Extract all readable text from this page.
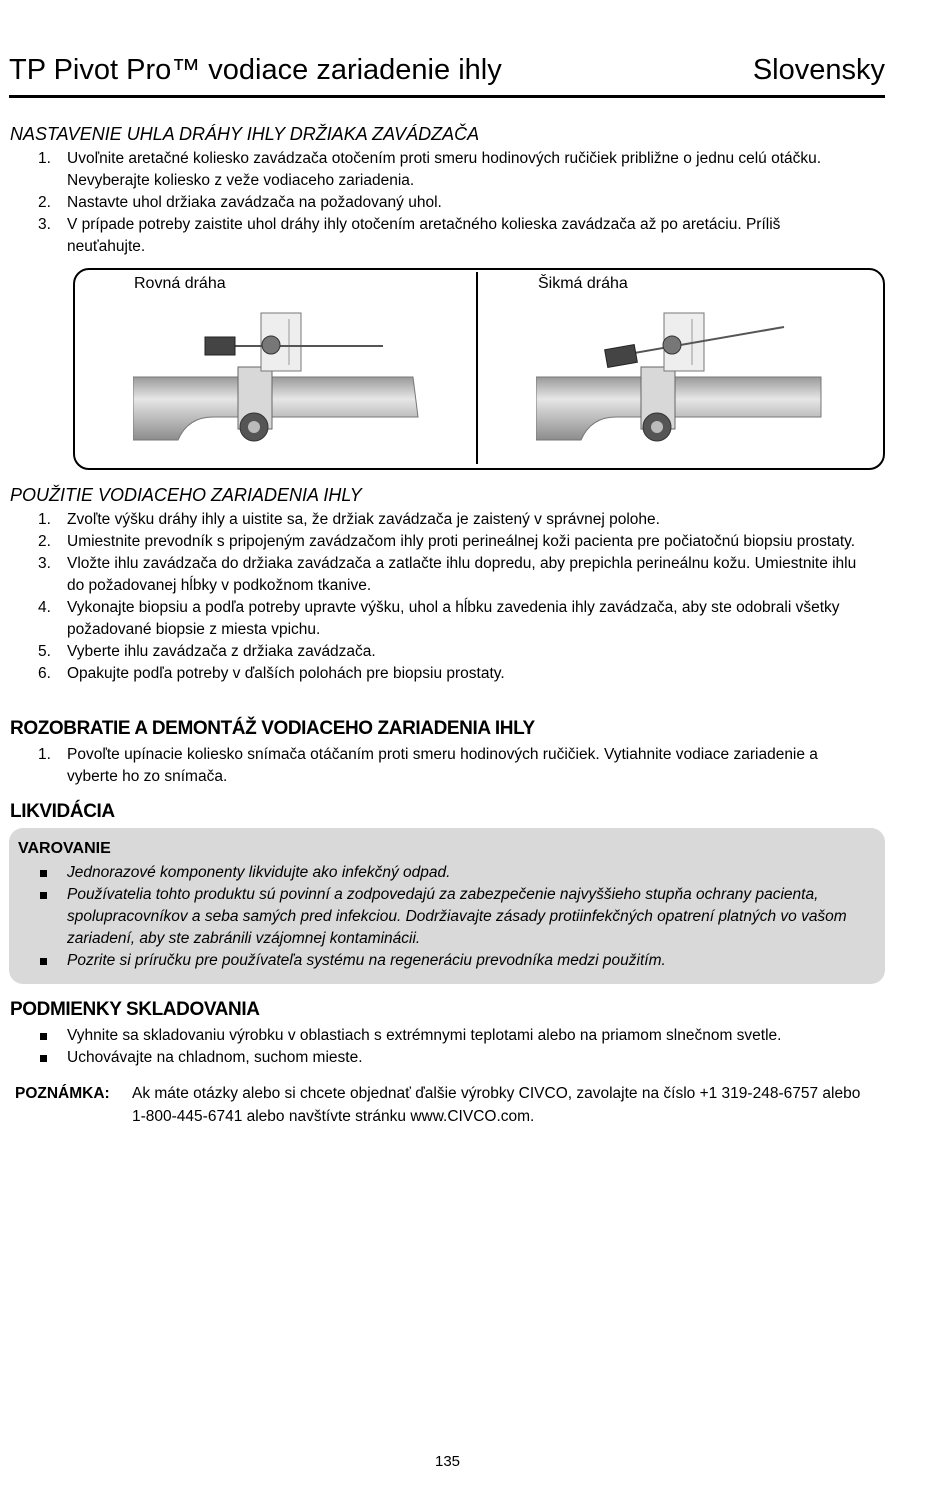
TP Pivot Pro™ vodiace zariadenie ihly	Slovensky
NASTAVENIE UHLA DRÁHY IHLY DRŽIAKA ZAVÁDZAČA
1. Uvoľnite aretačné koliesko zavádzača otočením proti smeru hodinových ručičiek približne o jednu celú otáčku. Nevyberajte koliesko z veže vodiaceho zariadenia.
2. Nastavte uhol držiaka zavádzača na požadovaný uhol.
3. V prípade potreby zaistite uhol dráhy ihly otočením aretačného kolieska zavádzača až po aretáciu. Príliš neuťahujte.
Rovná dráha	Šikmá dráha
POUŽITIE VODIACEHO ZARIADENIA IHLY
1. Zvoľte výšku dráhy ihly a uistite sa, že držiak zavádzača je zaistený v správnej polohe.
2. Umiestnite prevodník s pripojeným zavádzačom ihly proti perineálnej koži pacienta pre počiatočnú biopsiu prostaty.
3. Vložte ihlu zavádzača do držiaka zavádzača a zatlačte ihlu dopredu, aby prepichla perineálnu kožu. Umiestnite ihlu do požadovanej hĺbky v podkožnom tkanive.
4. Vykonajte biopsiu a podľa potreby upravte výšku, uhol a hĺbku zavedenia ihly zavádzača, aby ste odobrali všetky požadované biopsie z miesta vpichu.
5. Vyberte ihlu zavádzača z držiaka zavádzača.
6. Opakujte podľa potreby v ďalších polohách pre biopsiu prostaty.
ROZOBRATIE A DEMONTÁŽ VODIACEHO ZARIADENIA IHLY
1. Povoľte upínacie koliesko snímača otáčaním proti smeru hodinových ručičiek. Vytiahnite vodiace zariadenie a vyberte ho zo snímača.
LIKVIDÁCIA
VAROVANIE
Jednorazové komponenty likvidujte ako infekčný odpad.
Používatelia tohto produktu sú povinní a zodpovedajú za zabezpečenie najvyššieho stupňa ochrany pacienta, spolupracovníkov a seba samých pred infekciou. Dodržiavajte zásady protiinfekčných opatrení platných vo vašom zariadení, aby ste zabránili vzájomnej kontaminácii.
Pozrite si príručku pre používateľa systému na regeneráciu prevodníka medzi použitím.
PODMIENKY SKLADOVANIA
Vyhnite sa skladovaniu výrobku v oblastiach s extrémnymi teplotami alebo na priamom slnečnom svetle.
Uchovávajte na chladnom, suchom mieste.
POZNÁMKA: Ak máte otázky alebo si chcete objednať ďalšie výrobky CIVCO, zavolajte na číslo +1 319-248-6757 alebo 1-800-445-6741 alebo navštívte stránku www.CIVCO.com.
135
